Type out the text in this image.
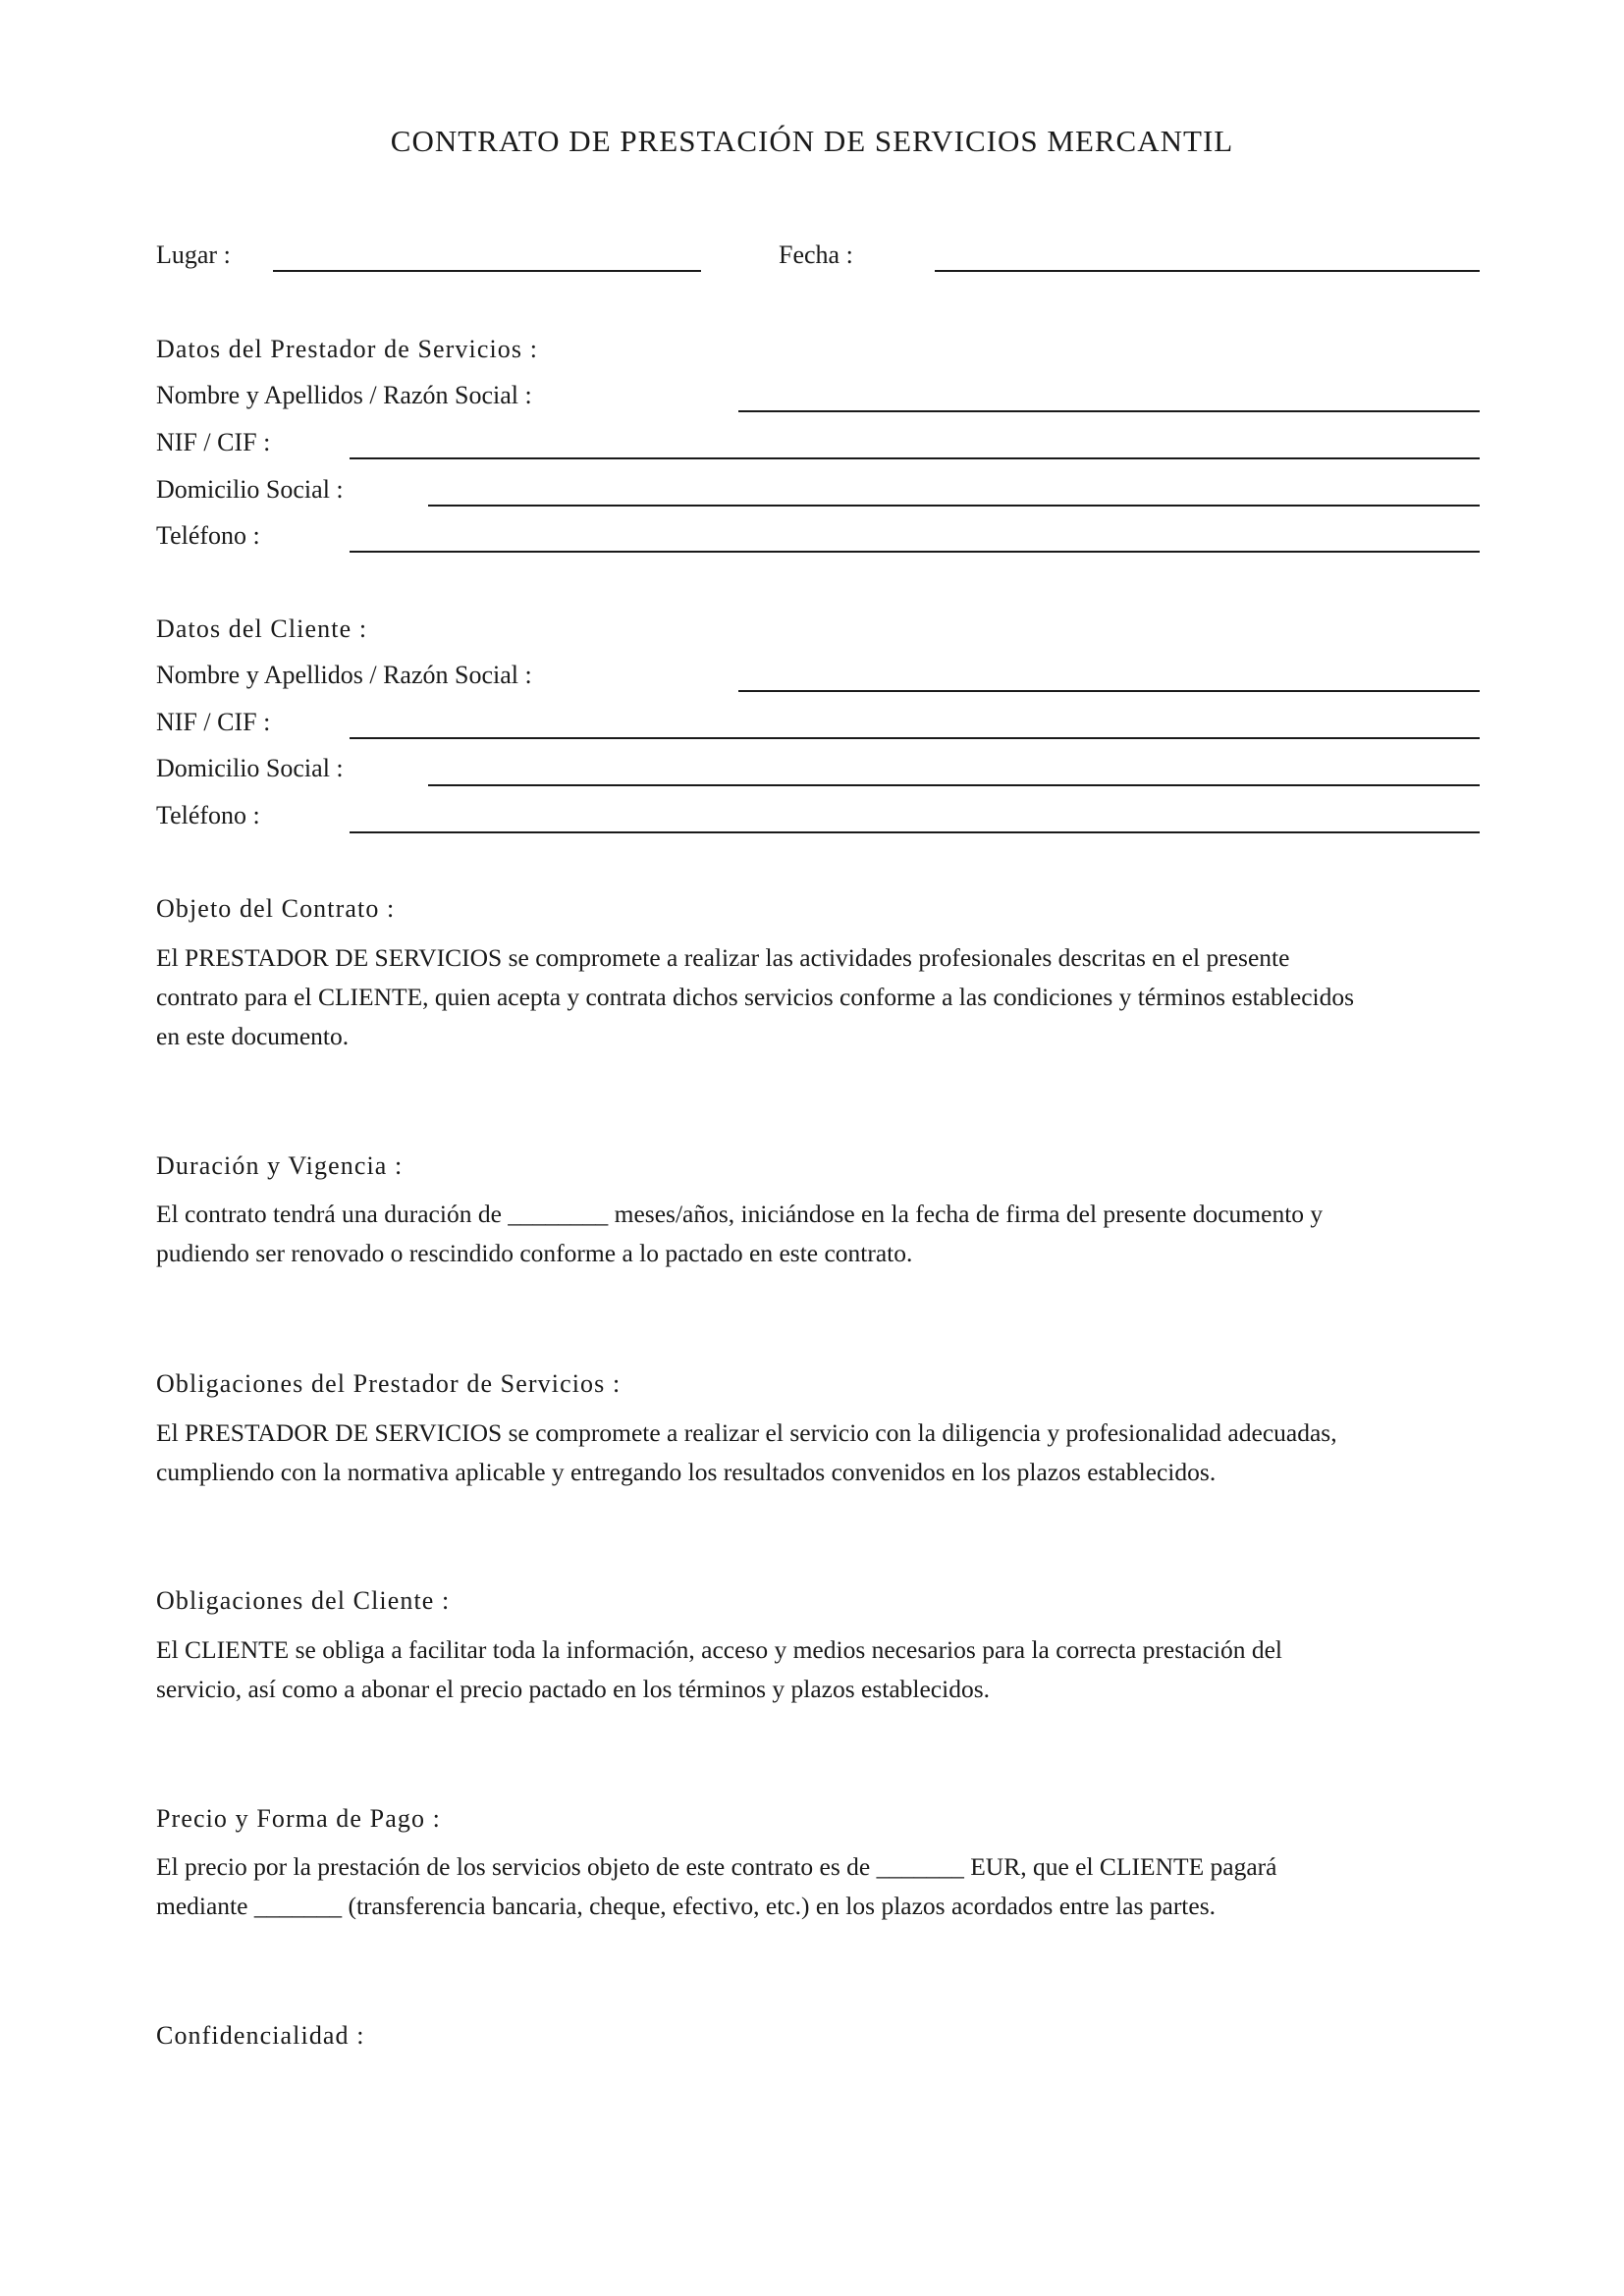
CONTRATO DE PRESTACIÓN DE SERVICIOS MERCANTIL
Lugar :	Fecha :
Datos del Prestador de Servicios :
Nombre y Apellidos / Razón Social :
NIF / CIF :
Domicilio Social :
Teléfono :
Datos del Cliente :
Nombre y Apellidos / Razón Social :
NIF / CIF :
Domicilio Social :
Teléfono :
Objeto del Contrato :
El PRESTADOR DE SERVICIOS se compromete a realizar las actividades profesionales descritas en el presente
contrato para el CLIENTE, quien acepta y contrata dichos servicios conforme a las condiciones y términos establecidos
en este documento.
Duración y Vigencia :
El contrato tendrá una duración de ________ meses/años, iniciándose en la fecha de firma del presente documento y
pudiendo ser renovado o rescindido conforme a lo pactado en este contrato.
Obligaciones del Prestador de Servicios :
El PRESTADOR DE SERVICIOS se compromete a realizar el servicio con la diligencia y profesionalidad adecuadas,
cumpliendo con la normativa aplicable y entregando los resultados convenidos en los plazos establecidos.
Obligaciones del Cliente :
El CLIENTE se obliga a facilitar toda la información, acceso y medios necesarios para la correcta prestación del
servicio, así como a abonar el precio pactado en los términos y plazos establecidos.
Precio y Forma de Pago :
El precio por la prestación de los servicios objeto de este contrato es de _______ EUR, que el CLIENTE pagará
mediante _______ (transferencia bancaria, cheque, efectivo, etc.) en los plazos acordados entre las partes.
Confidencialidad :
